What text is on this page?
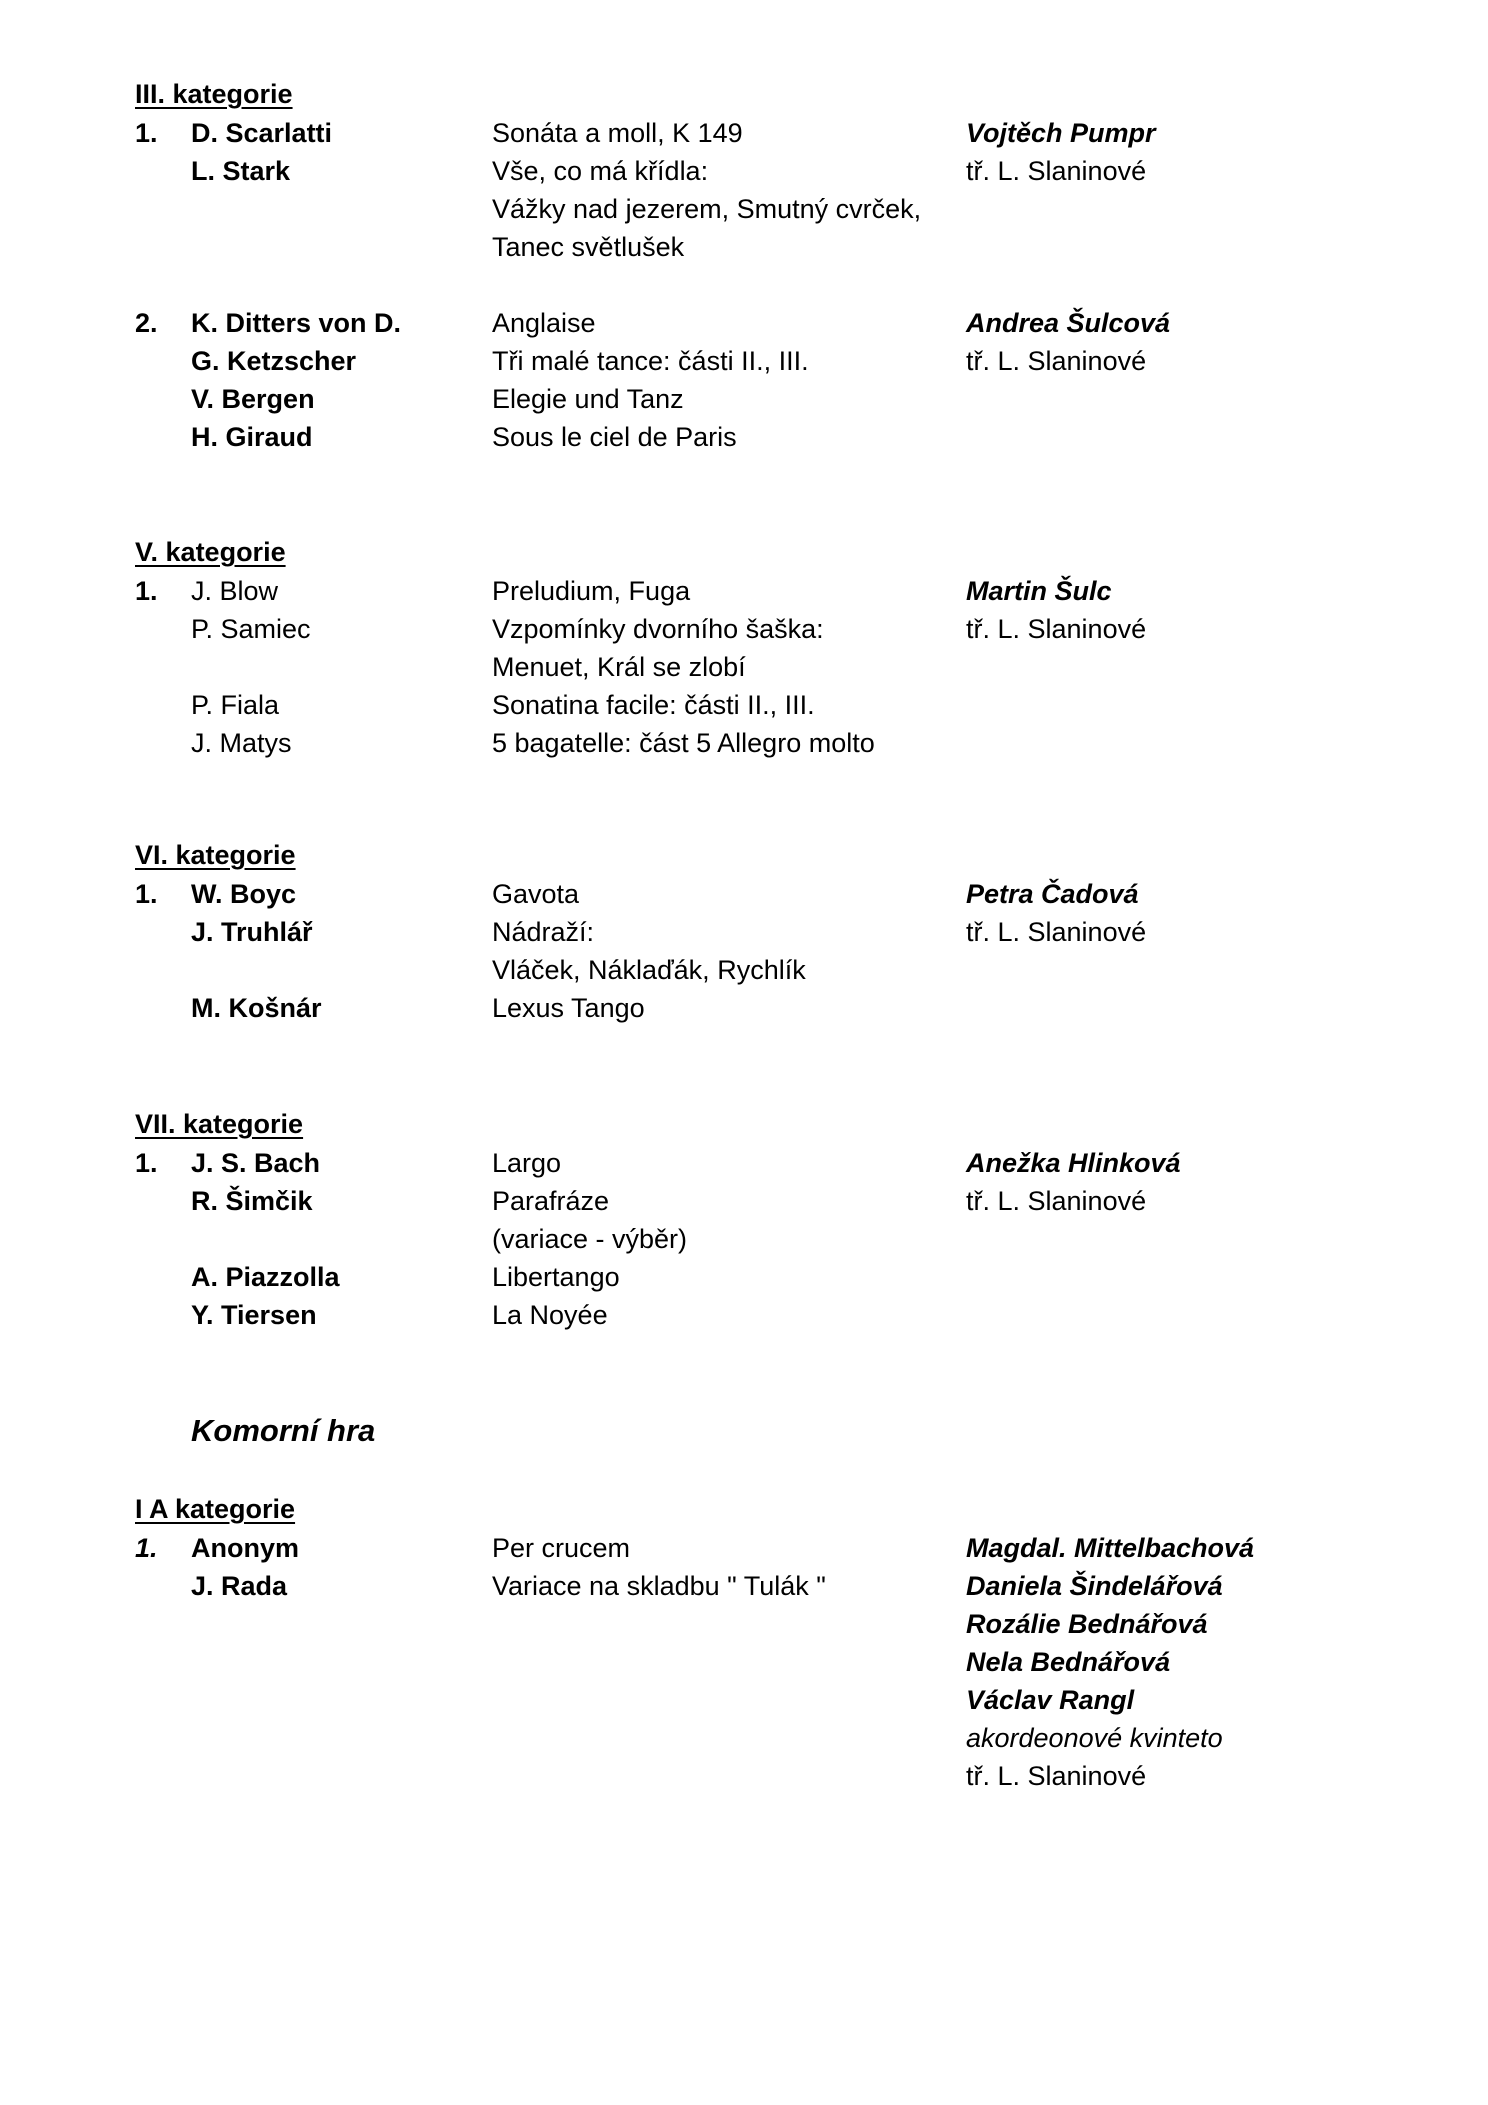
III. kategorie
1. D. Scarlatti
L. Stark
Sonáta a moll, K 149
Vše, co má křídla:
Vážky nad jezerem, Smutný cvrček,
Tanec světlušek
Vojtěch Pumpr
tř. L. Slaninové
2. K. Ditters von D.
G. Ketzscher
V. Bergen
H. Giraud
Anglaise
Tři malé tance: části II., III.
Elegie und Tanz
Sous le ciel de Paris
Andrea Šulcová
tř. L. Slaninové
V. kategorie
1. J. Blow
P. Samiec
P. Fiala
J. Matys
Preludium, Fuga
Vzpomínky dvorního šaška:
Menuet, Král se zlobí
Sonatina facile: části II., III.
5 bagatelle: část 5 Allegro molto
Martin Šulc
tř. L. Slaninové
VI. kategorie
1. W. Boyc
J. Truhlář
M. Košnár
Gavota
Nádraží:
Vláček, Náklaďák, Rychlík
Lexus Tango
Petra Čadová
tř. L. Slaninové
VII. kategorie
1. J. S. Bach
R. Šimčik
A. Piazzolla
Y. Tiersen
Largo
Parafráze
(variace - výběr)
Libertango
La Noyée
Anežka Hlinková
tř. L. Slaninové
Komorní hra
I A kategorie
1. Anonym
J. Rada
Per crucem
Variace na skladbu " Tulák "
Magdal. Mittelbachová
Daniela Šindelářová
Rozálie Bednářová
Nela Bednářová
Václav Rangl
akordeonové kvinteto
tř. L. Slaninové
